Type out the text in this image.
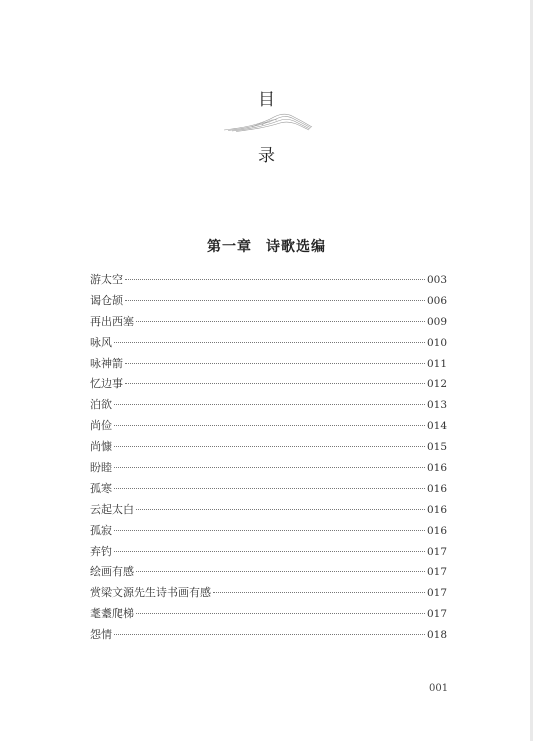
目
录
第一章 诗歌选编
游太空	003
谒仓颉	006
再出西塞	009
咏风	010
咏神箭	011
忆边事	012
泊欲	013
尚俭	014
尚慷	015
盼睦	016
孤寒	016
云起太白	016
孤寂	016
弃钓	017
绘画有感	017
赏梁文源先生诗书画有感	017
耄耋爬梯	017
怨情	018
001
